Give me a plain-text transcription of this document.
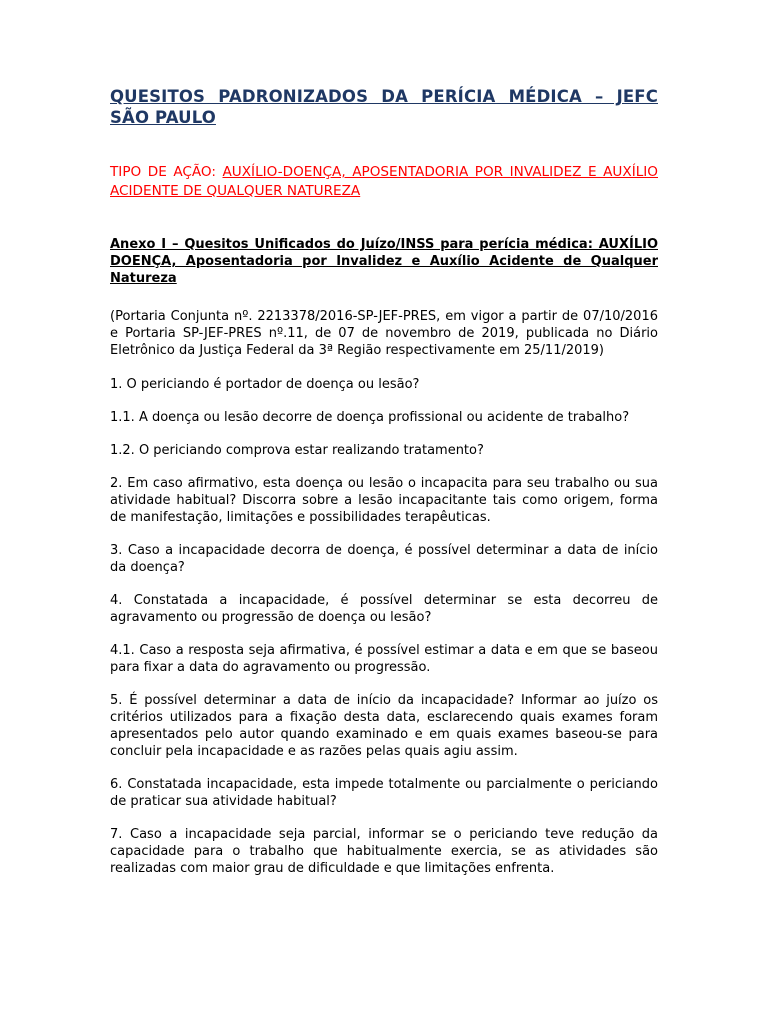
QUESITOS PADRONIZADOS DA PERÍCIA MÉDICA – JEFC SÃO PAULO

TIPO DE AÇÃO: AUXÍLIO-DOENÇA, APOSENTADORIA POR INVALIDEZ E AUXÍLIO ACIDENTE DE QUALQUER NATUREZA

Anexo I – Quesitos Unificados do Juízo/INSS para perícia médica: AUXÍLIO DOENÇA, Aposentadoria por Invalidez e Auxílio Acidente de Qualquer Natureza

(Portaria Conjunta nº. 2213378/2016-SP-JEF-PRES, em vigor a partir de 07/10/2016 e Portaria SP-JEF-PRES nº.11, de 07 de novembro de 2019, publicada no Diário Eletrônico da Justiça Federal da 3ª Região respectivamente em 25/11/2019)

1. O periciando é portador de doença ou lesão?

1.1. A doença ou lesão decorre de doença profissional ou acidente de trabalho?

1.2. O periciando comprova estar realizando tratamento?

2. Em caso afirmativo, esta doença ou lesão o incapacita para seu trabalho ou sua atividade habitual? Discorra sobre a lesão incapacitante tais como origem, forma de manifestação, limitações e possibilidades terapêuticas.

3. Caso a incapacidade decorra de doença, é possível determinar a data de início da doença?

4. Constatada a incapacidade, é possível determinar se esta decorreu de agravamento ou progressão de doença ou lesão?

4.1. Caso a resposta seja afirmativa, é possível estimar a data e em que se baseou para fixar a data do agravamento ou progressão.

5. É possível determinar a data de início da incapacidade? Informar ao juízo os critérios utilizados para a fixação desta data, esclarecendo quais exames foram apresentados pelo autor quando examinado e em quais exames baseou-se para concluir pela incapacidade e as razões pelas quais agiu assim.

6. Constatada incapacidade, esta impede totalmente ou parcialmente o periciando de praticar sua atividade habitual?

7. Caso a incapacidade seja parcial, informar se o periciando teve redução da capacidade para o trabalho que habitualmente exercia, se as atividades são realizadas com maior grau de dificuldade e que limitações enfrenta.
